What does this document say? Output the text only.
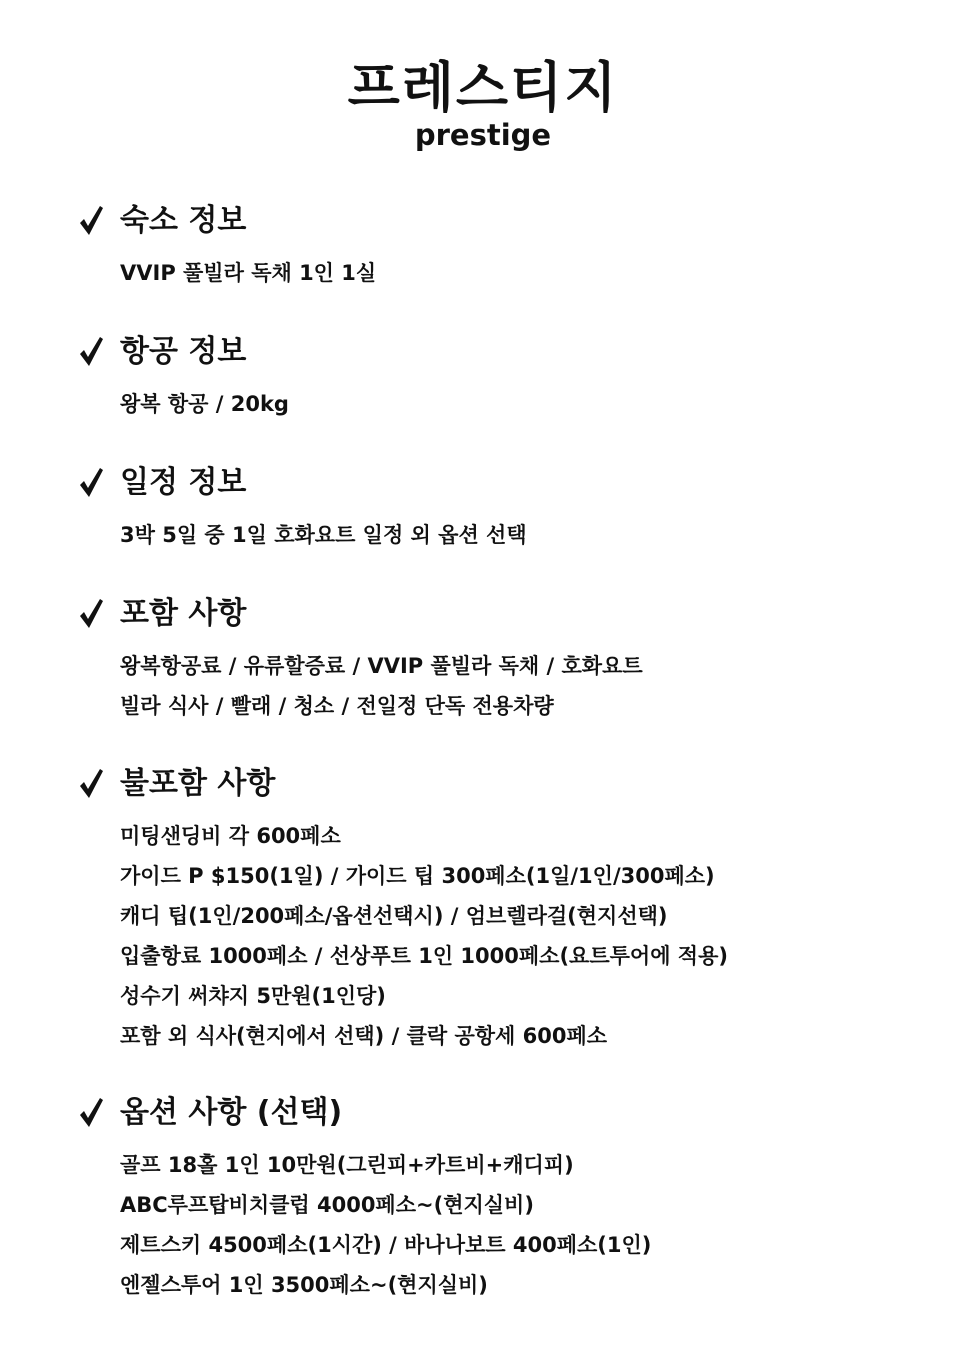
프레스티지
prestige
숙소 정보
VVIP 풀빌라 독채 1인 1실
항공 정보
왕복 항공 / 20kg
일정 정보
3박 5일 중 1일 호화요트 일정 외 옵션 선택
포함 사항
왕복항공료 / 유류할증료 / VVIP 풀빌라 독채 / 호화요트
빌라 식사 / 빨래 / 청소 / 전일정 단독 전용차량
불포함 사항
미팅샌딩비 각 600페소
가이드 P $150(1일) / 가이드 팁 300페소(1일/1인/300페소)
캐디 팁(1인/200페소/옵션선택시) / 엄브렐라걸(현지선택)
입출항료 1000페소 / 선상푸트 1인 1000페소(요트투어에 적용)
성수기 써챠지 5만원(1인당)
포함 외 식사(현지에서 선택) / 클락 공항세 600페소
옵션 사항 (선택)
골프 18홀 1인 10만원(그린피+카트비+캐디피)
ABC루프탑비치클럽 4000페소~(현지실비)
제트스키 4500페소(1시간) / 바나나보트 400페소(1인)
엔젤스투어 1인 3500페소~(현지실비)
